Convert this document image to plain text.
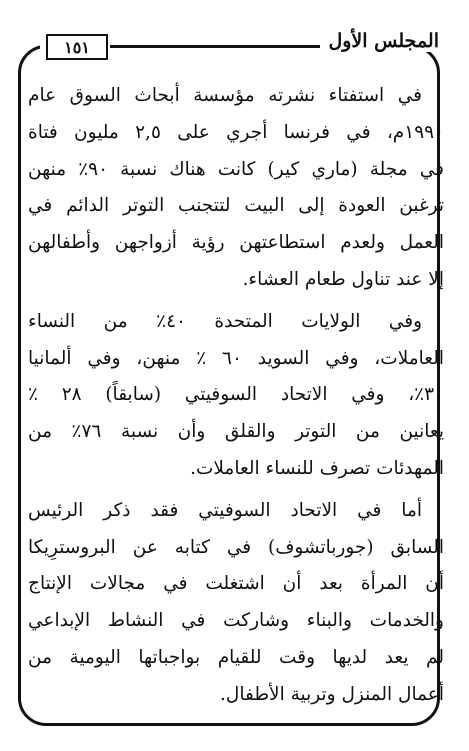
١٥١	المجلس الأول
في استفتاء نشرته مؤسسة أبحاث السوق عام
١٩٩٠م، في فرنسا أجري على ٢,٥ مليون فتاة
في مجلة (ماري كير) كانت هناك نسبة ٩٠٪ منهن
ترغبن العودة إلى البيت لتتجنب التوتر الدائم في
العمل ولعدم استطاعتهن رؤية أزواجهن وأطفالهن
إلا عند تناول طعام العشاء.
وفي الولايات المتحدة ٤٠٪ من النساء
العاملات، وفي السويد ٦٠ ٪ منهن، وفي ألمانيا
٣٠٪، وفي الاتحاد السوفيتي (سابقاً) ٢٨ ٪
يعانين من التوتر والقلق وأن نسبة ٧٦٪ من
المهدئات تصرف للنساء العاملات.
أما في الاتحاد السوفيتي فقد ذكر الرئيس
السابق (جورباتشوف) في كتابه عن البروسترِيكا
أن المرأة بعد أن اشتغلت في مجالات الإنتاج
والخدمات والبناء وشاركت في النشاط الإبداعي
لم يعد لديها وقت للقيام بواجباتها اليومية من
أعمال المنزل وتربية الأطفال.
